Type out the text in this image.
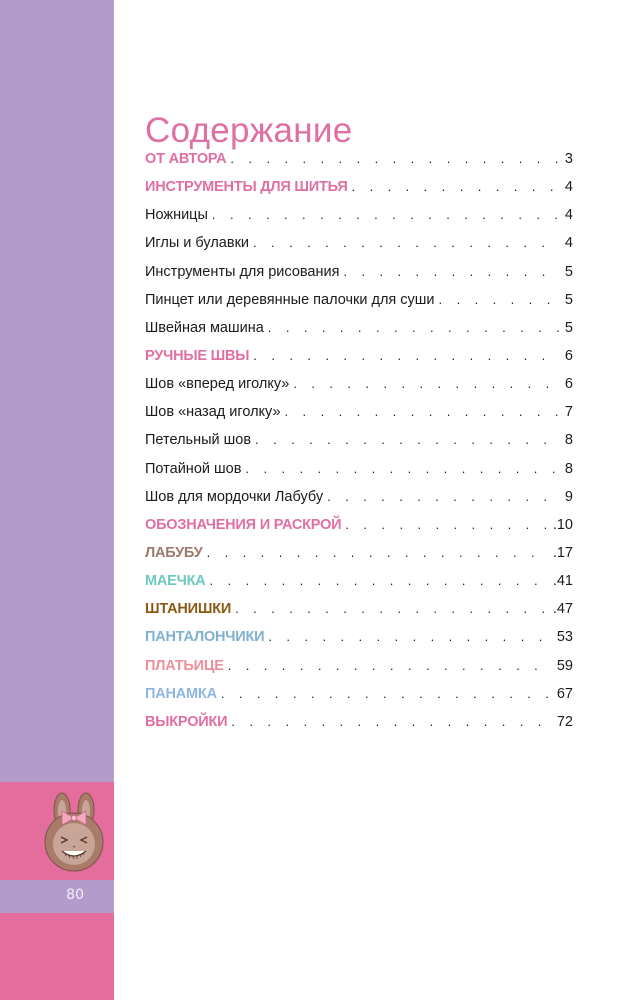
80
Содержание
ОТ АВТОРА . . .	3
ИНСТРУМЕНТЫ ДЛЯ ШИТЬЯ . . .	4
Ножницы . . .	4
Иглы и булавки . . .	4
Инструменты для рисования . . .	5
Пинцет или деревянные палочки для суши . . .	5
Швейная машина . . .	5
РУЧНЫЕ ШВЫ . . .	6
Шов «вперед иголку» . . .	6
Шов «назад иголку» . . .	7
Петельный шов . . .	8
Потайной шов . . .	8
Шов для мордочки Лабубу . . .	9
ОБОЗНАЧЕНИЯ И РАСКРОЙ . . .	.10
ЛАБУБУ . . .	.17
МАЕЧКА . . .	.41
ШТАНИШКИ . . .	.47
ПАНТАЛОНЧИКИ . . .	53
ПЛАТЬИЦЕ . . .	59
ПАНАМКА . . .	67
ВЫКРОЙКИ . . .	72
